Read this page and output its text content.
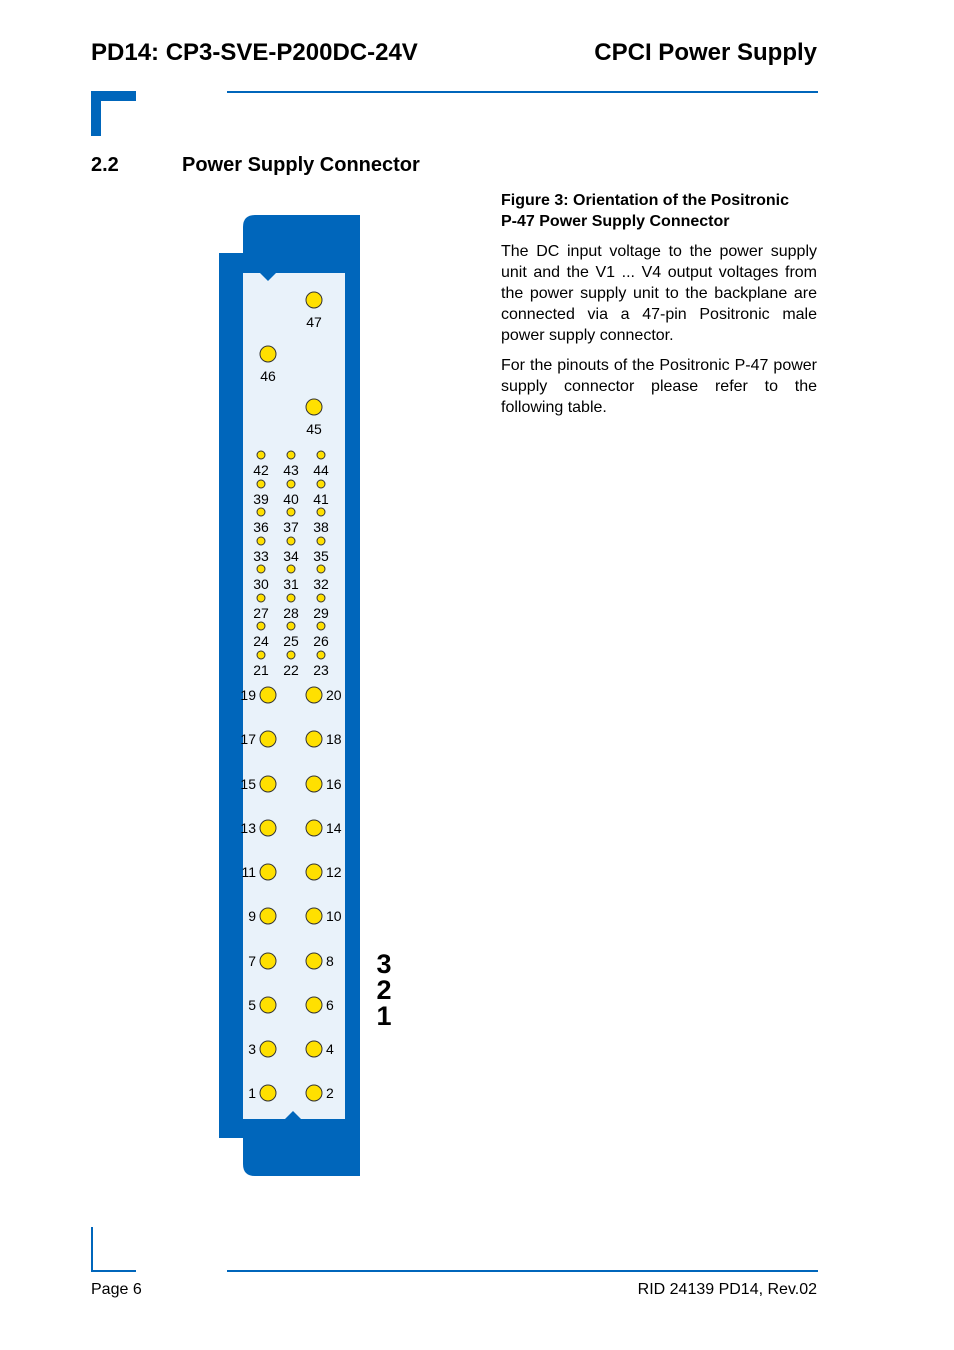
PD14: CP3-SVE-P200DC-24V	CPCI Power Supply
2.2	Power Supply Connector
1	2
3	4
5	6
7	8
9	10
11	12
13	14
15	16
17	18
19	20
21 22 23
24 25 26
27 28 29
30 31 32
33 34 35
36 37 38
39 40 41
42 43 44
45
46
47
3
2
1

Figure 3: Orientation of the Positronic
P-47 Power Supply Connector

The DC input voltage to the power supply unit and the V1 ... V4 output voltages from the power supply unit to the backplane are connected via a 47-pin Positronic male power supply connector.

For the pinouts of the Positronic P-47 power supply connector please refer to the following table.

Page 6	RID 24139 PD14, Rev.02
